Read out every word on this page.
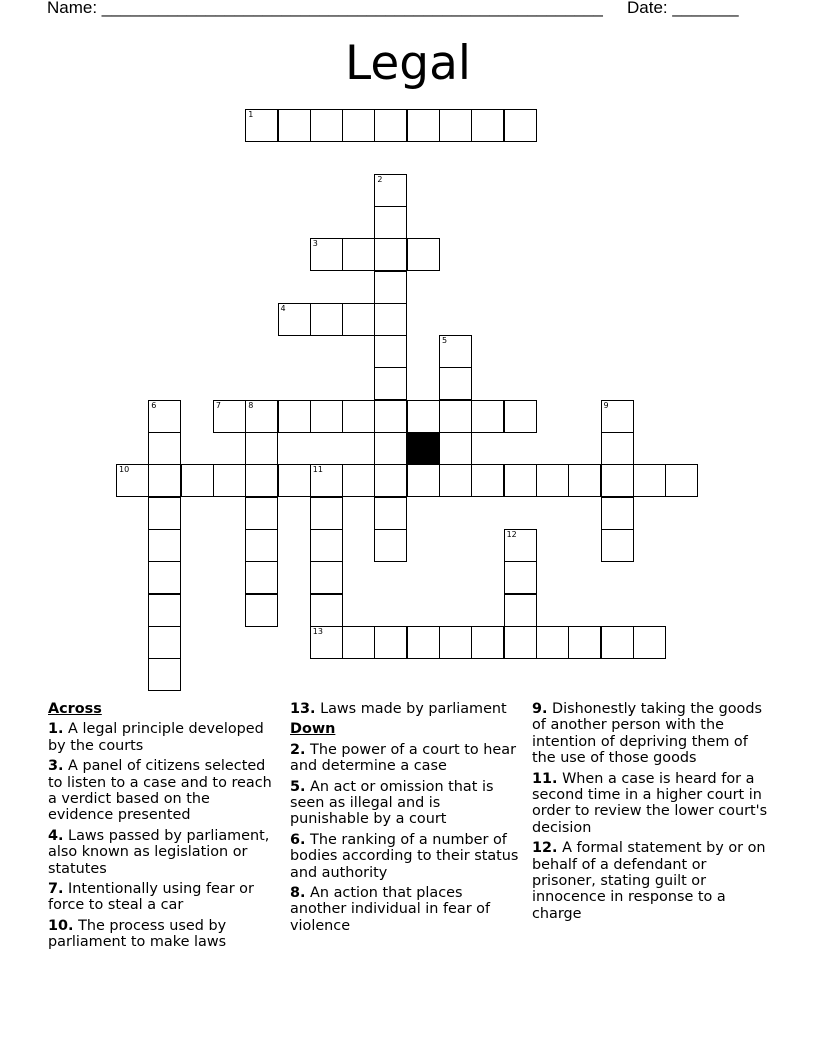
Name: _____________________________________________________ Date: _______
Legal
1
2
3
4
5
6	7	8	9
10	11
13
12
Across
1. A legal principle developed by the courts
3. A panel of citizens selected to listen to a case and to reach a verdict based on the evidence presented
4. Laws passed by parliament, also known as legislation or statutes
7. Intentionally using fear or force to steal a car
10. The process used by parliament to make laws
13. Laws made by parliament
Down
2. The power of a court to hear and determine a case
5. An act or omission that is seen as illegal and is punishable by a court
6. The ranking of a number of bodies according to their status and authority
8. An action that places another individual in fear of violence
9. Dishonestly taking the goods of another person with the intention of depriving them of the use of those goods
11. When a case is heard for a second time in a higher court in order to review the lower court's decision
12. A formal statement by or on behalf of a defendant or prisoner, stating guilt or innocence in response to a charge
